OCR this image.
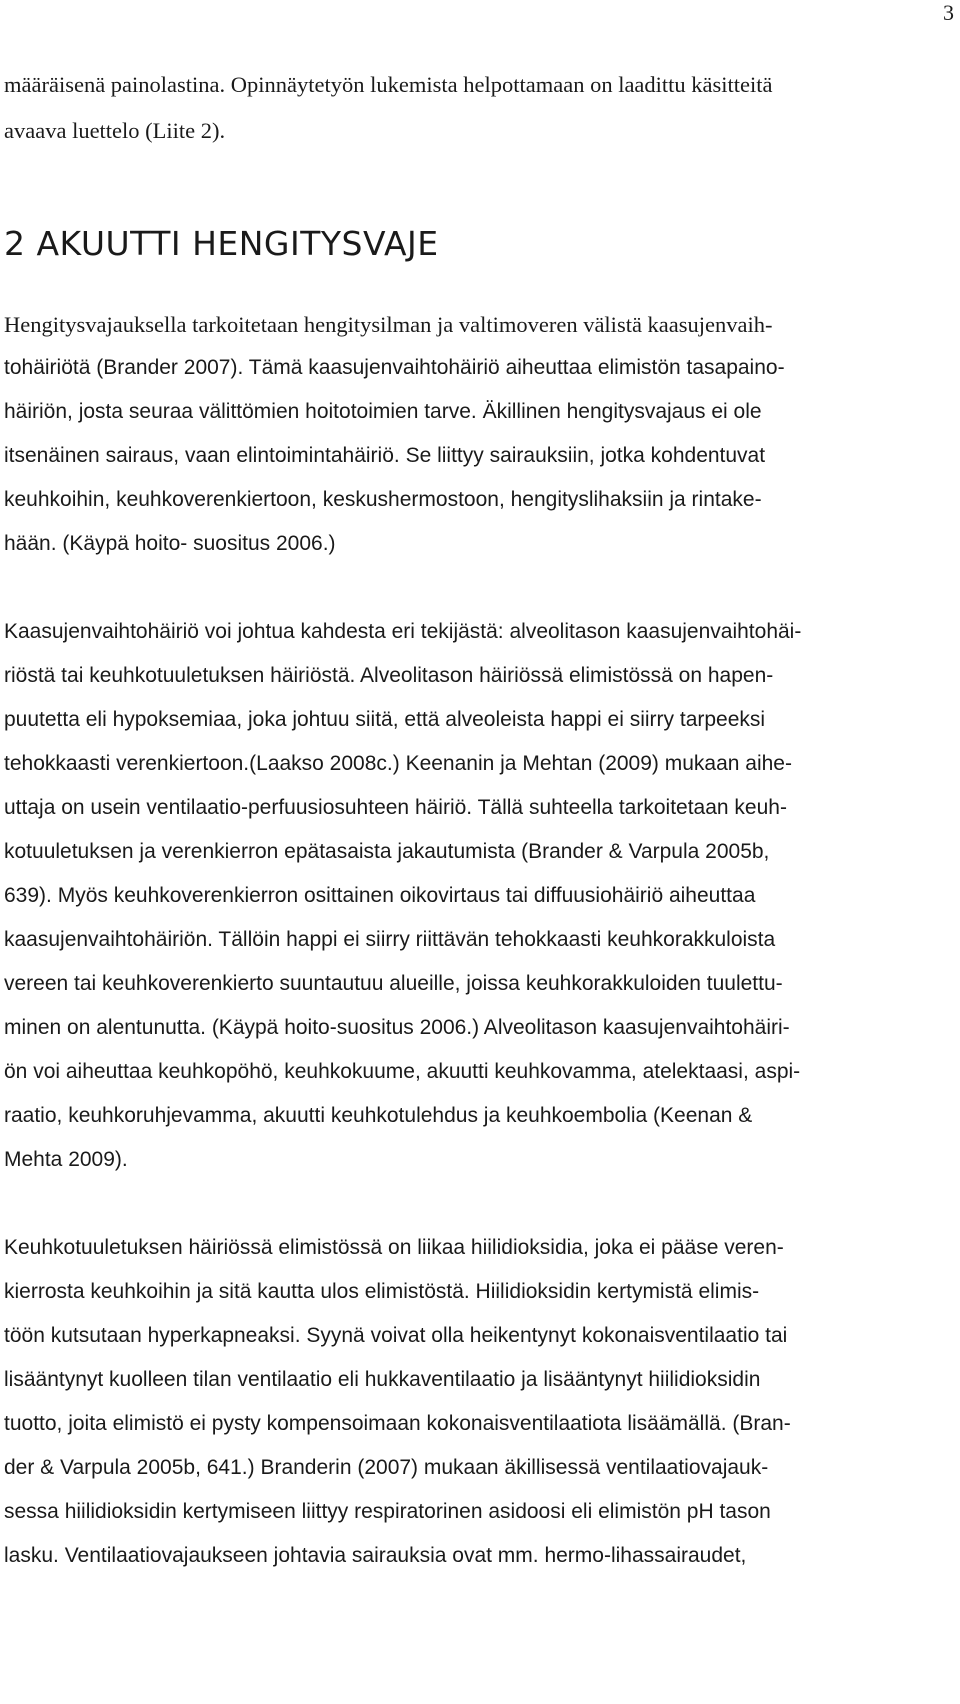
3
määräisenä painolastina. Opinnäytetyön lukemista helpottamaan on laadittu käsitteitä
avaava luettelo (Liite 2).
2 AKUUTTI HENGITYSVAJE
Hengitysvajauksella tarkoitetaan hengitysilman ja valtimoveren välistä kaasujenvaih-
tohäiriötä (Brander 2007). Tämä kaasujenvaihtohäiriö aiheuttaa elimistön tasapaino-
häiriön, josta seuraa välittömien hoitotoimien tarve. Äkillinen hengitysvajaus ei ole
itsenäinen sairaus, vaan elintoimintahäiriö. Se liittyy sairauksiin, jotka kohdentuvat
keuhkoihin, keuhkoverenkiertoon, keskushermostoon, hengityslihaksiin ja rintake-
hään. (Käypä hoito- suositus 2006.)
Kaasujenvaihtohäiriö voi johtua kahdesta eri tekijästä: alveolitason kaasujenvaihtohäi-
riöstä tai keuhkotuuletuksen häiriöstä. Alveolitason häiriössä elimistössä on hapen-
puutetta eli hypoksemiaa, joka johtuu siitä, että alveoleista happi ei siirry tarpeeksi
tehokkaasti verenkiertoon.(Laakso 2008c.) Keenanin ja Mehtan (2009) mukaan aihe-
uttaja on usein ventilaatio-perfuusiosuhteen häiriö. Tällä suhteella tarkoitetaan keuh-
kotuuletuksen ja verenkierron epätasaista jakautumista (Brander & Varpula 2005b,
639). Myös keuhkoverenkierron osittainen oikovirtaus tai diffuusiohäiriö aiheuttaa
kaasujenvaihtohäiriön. Tällöin happi ei siirry riittävän tehokkaasti keuhkorakkuloista
vereen tai keuhkoverenkierto suuntautuu alueille, joissa keuhkorakkuloiden tuulettu-
minen on alentunutta. (Käypä hoito-suositus 2006.) Alveolitason kaasujenvaihtohäiri-
ön voi aiheuttaa keuhkopöhö, keuhkokuume, akuutti keuhkovamma, atelektaasi, aspi-
raatio, keuhkoruhjevamma, akuutti keuhkotulehdus ja keuhkoembolia (Keenan &
Mehta 2009).
Keuhkotuuletuksen häiriössä elimistössä on liikaa hiilidioksidia, joka ei pääse veren-
kierrosta keuhkoihin ja sitä kautta ulos elimistöstä. Hiilidioksidin kertymistä elimis-
töön kutsutaan hyperkapneaksi. Syynä voivat olla heikentynyt kokonaisventilaatio tai
lisääntynyt kuolleen tilan ventilaatio eli hukkaventilaatio ja lisääntynyt hiilidioksidin
tuotto, joita elimistö ei pysty kompensoimaan kokonaisventilaatiota lisäämällä. (Bran-
der & Varpula 2005b, 641.) Branderin (2007) mukaan äkillisessä ventilaatiovajauk-
sessa hiilidioksidin kertymiseen liittyy respiratorinen asidoosi eli elimistön pH tason
lasku. Ventilaatiovajaukseen johtavia sairauksia ovat mm. hermo-lihassairaudet,
